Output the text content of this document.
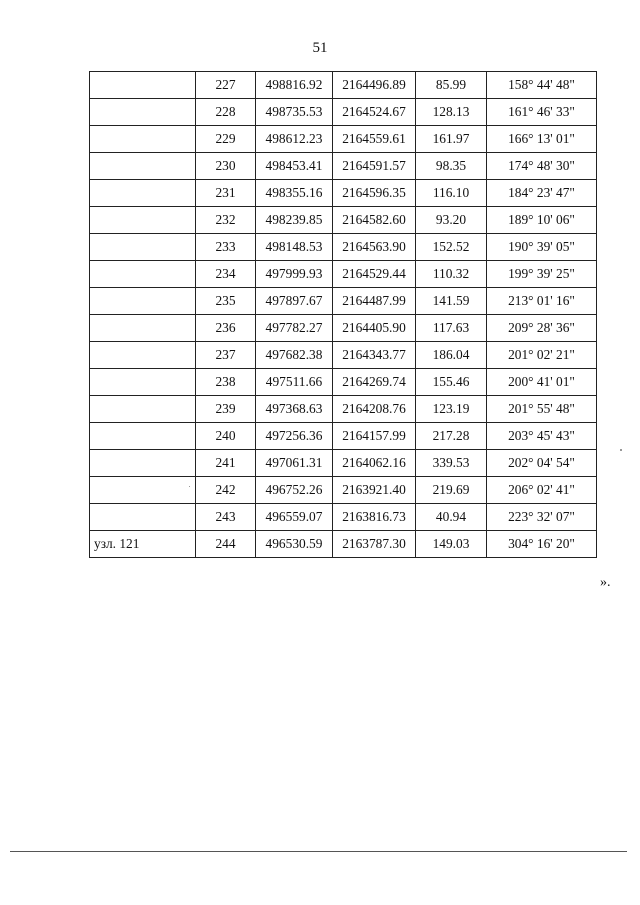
51
	227	498816.92	2164496.89	85.99	158° 44' 48"
	228	498735.53	2164524.67	128.13	161° 46' 33"
	229	498612.23	2164559.61	161.97	166° 13' 01"
	230	498453.41	2164591.57	98.35	174° 48' 30"
	231	498355.16	2164596.35	116.10	184° 23' 47"
	232	498239.85	2164582.60	93.20	189° 10' 06"
	233	498148.53	2164563.90	152.52	190° 39' 05"
	234	497999.93	2164529.44	110.32	199° 39' 25"
	235	497897.67	2164487.99	141.59	213° 01' 16"
	236	497782.27	2164405.90	117.63	209° 28' 36"
	237	497682.38	2164343.77	186.04	201° 02' 21"
	238	497511.66	2164269.74	155.46	200° 41' 01"
	239	497368.63	2164208.76	123.19	201° 55' 48"
	240	497256.36	2164157.99	217.28	203° 45' 43"
	241	497061.31	2164062.16	339.53	202° 04' 54"
	242	496752.26	2163921.40	219.69	206° 02' 41"
	243	496559.07	2163816.73	40.94	223° 32' 07"
узл. 121	244	496530.59	2163787.30	149.03	304° 16' 20"
».
